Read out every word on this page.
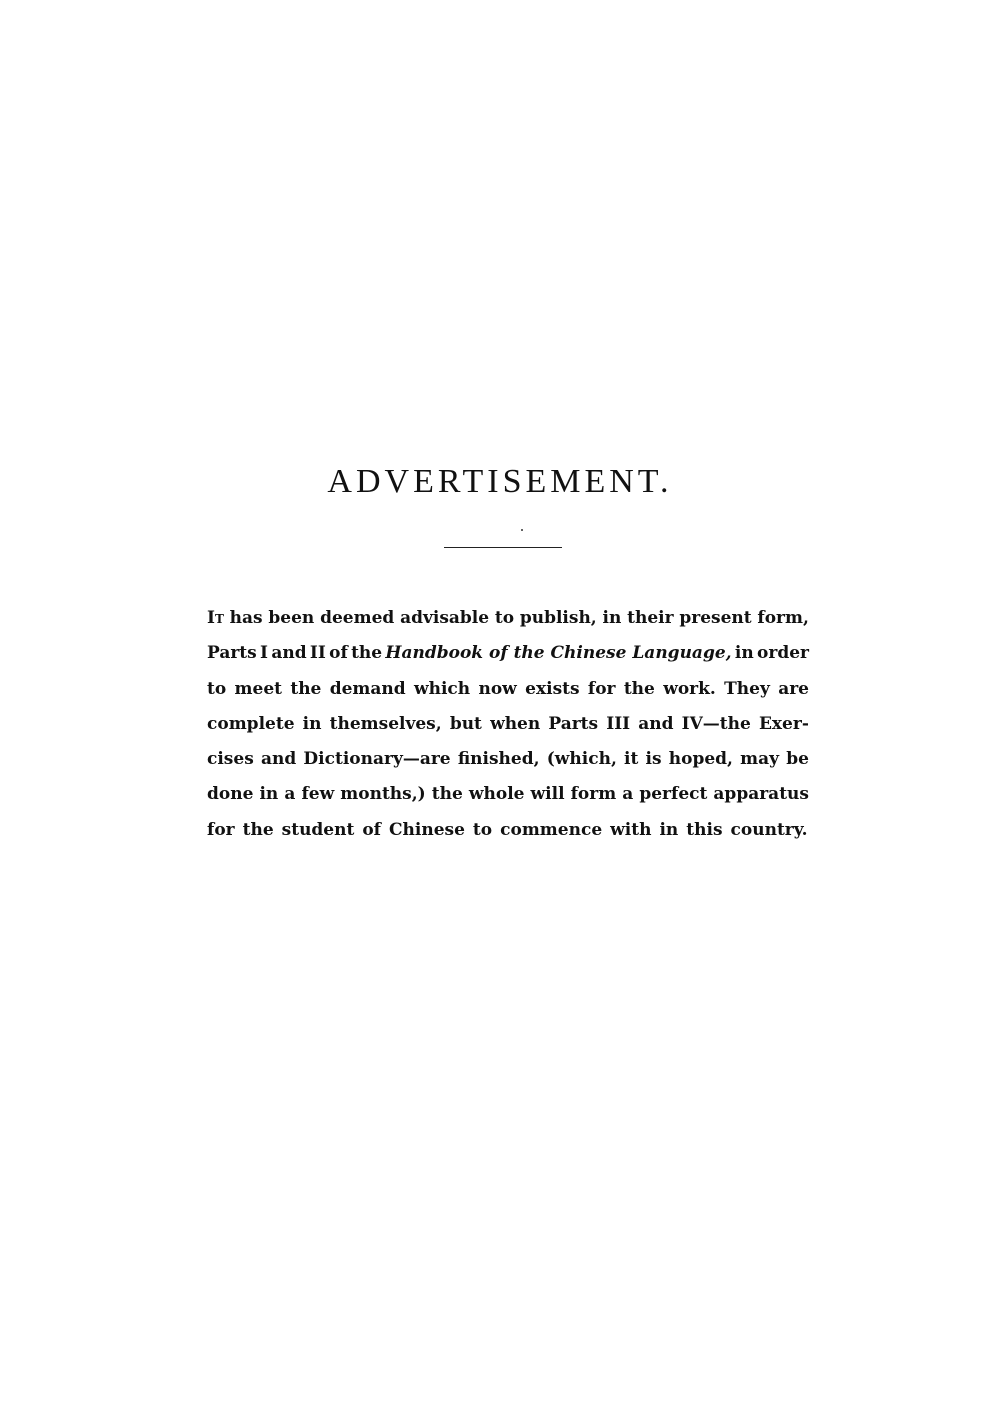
ADVERTISEMENT.
It has been deemed advisable to publish, in their present form,
Parts I and II of the Handbook of the Chinese Language, in order
to meet the demand which now exists for the work. They are
complete in themselves, but when Parts III and IV—the Exer-
cises and Dictionary—are finished, (which, it is hoped, may be
done in a few months,) the whole will form a perfect apparatus
for the student of Chinese to commence with in this country.
